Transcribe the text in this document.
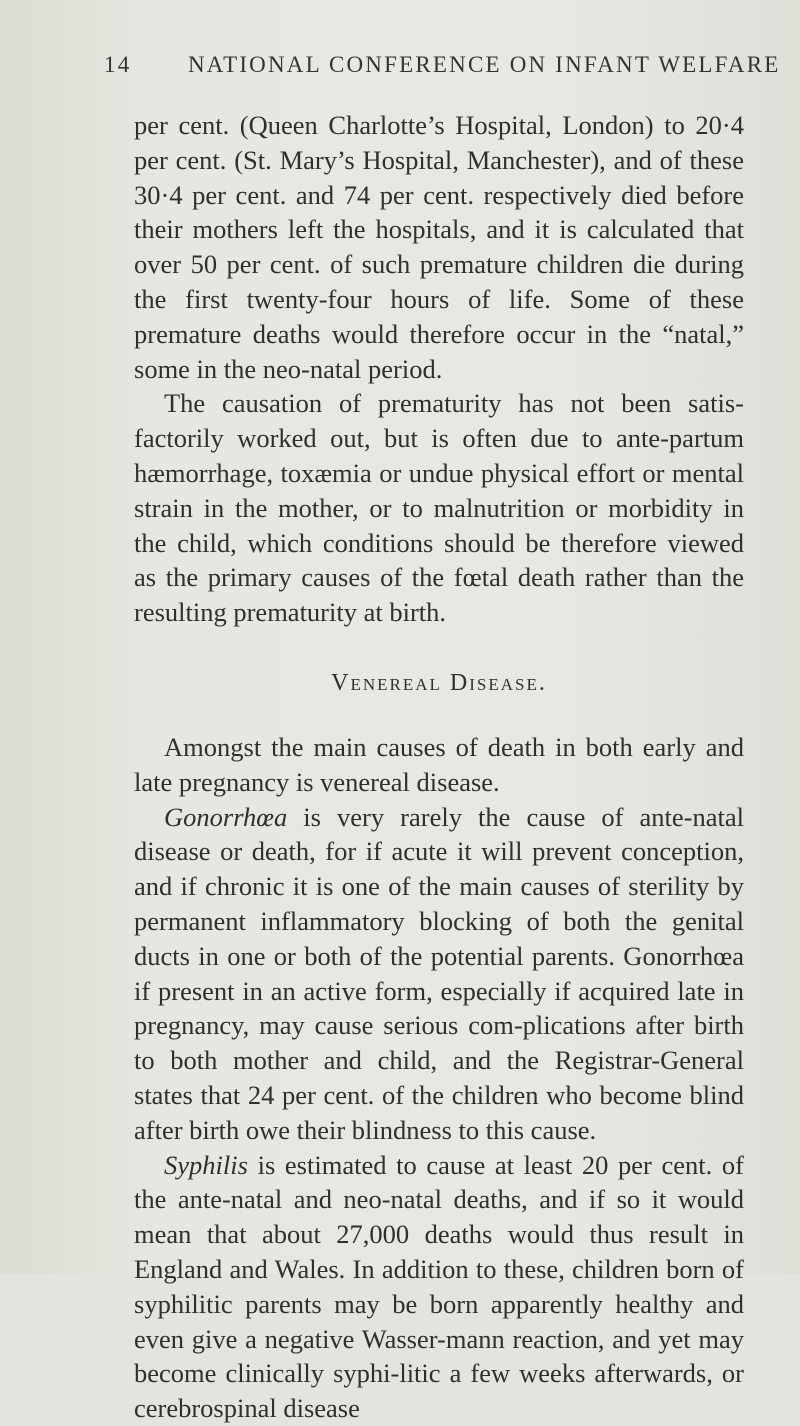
14 NATIONAL CONFERENCE ON INFANT WELFARE

per cent. (Queen Charlotte’s Hospital, London) to 20·4 per cent. (St. Mary’s Hospital, Manchester), and of these 30·4 per cent. and 74 per cent. respectively died before their mothers left the hospitals, and it is calculated that over 50 per cent. of such premature children die during the first twenty-four hours of life. Some of these premature deaths would therefore occur in the “natal,” some in the neo-natal period.

The causation of prematurity has not been satis-factorily worked out, but is often due to ante-partum hæmorrhage, toxæmia or undue physical effort or mental strain in the mother, or to malnutrition or morbidity in the child, which conditions should be therefore viewed as the primary causes of the fœtal death rather than the resulting prematurity at birth.

Venereal Disease.

Amongst the main causes of death in both early and late pregnancy is venereal disease.

Gonorrhœa is very rarely the cause of ante-natal disease or death, for if acute it will prevent conception, and if chronic it is one of the main causes of sterility by permanent inflammatory blocking of both the genital ducts in one or both of the potential parents. Gonorrhœa if present in an active form, especially if acquired late in pregnancy, may cause serious com-plications after birth to both mother and child, and the Registrar-General states that 24 per cent. of the children who become blind after birth owe their blindness to this cause.

Syphilis is estimated to cause at least 20 per cent. of the ante-natal and neo-natal deaths, and if so it would mean that about 27,000 deaths would thus result in England and Wales. In addition to these, children born of syphilitic parents may be born apparently healthy and even give a negative Wasser-mann reaction, and yet may become clinically syphi-litic a few weeks afterwards, or cerebrospinal disease
